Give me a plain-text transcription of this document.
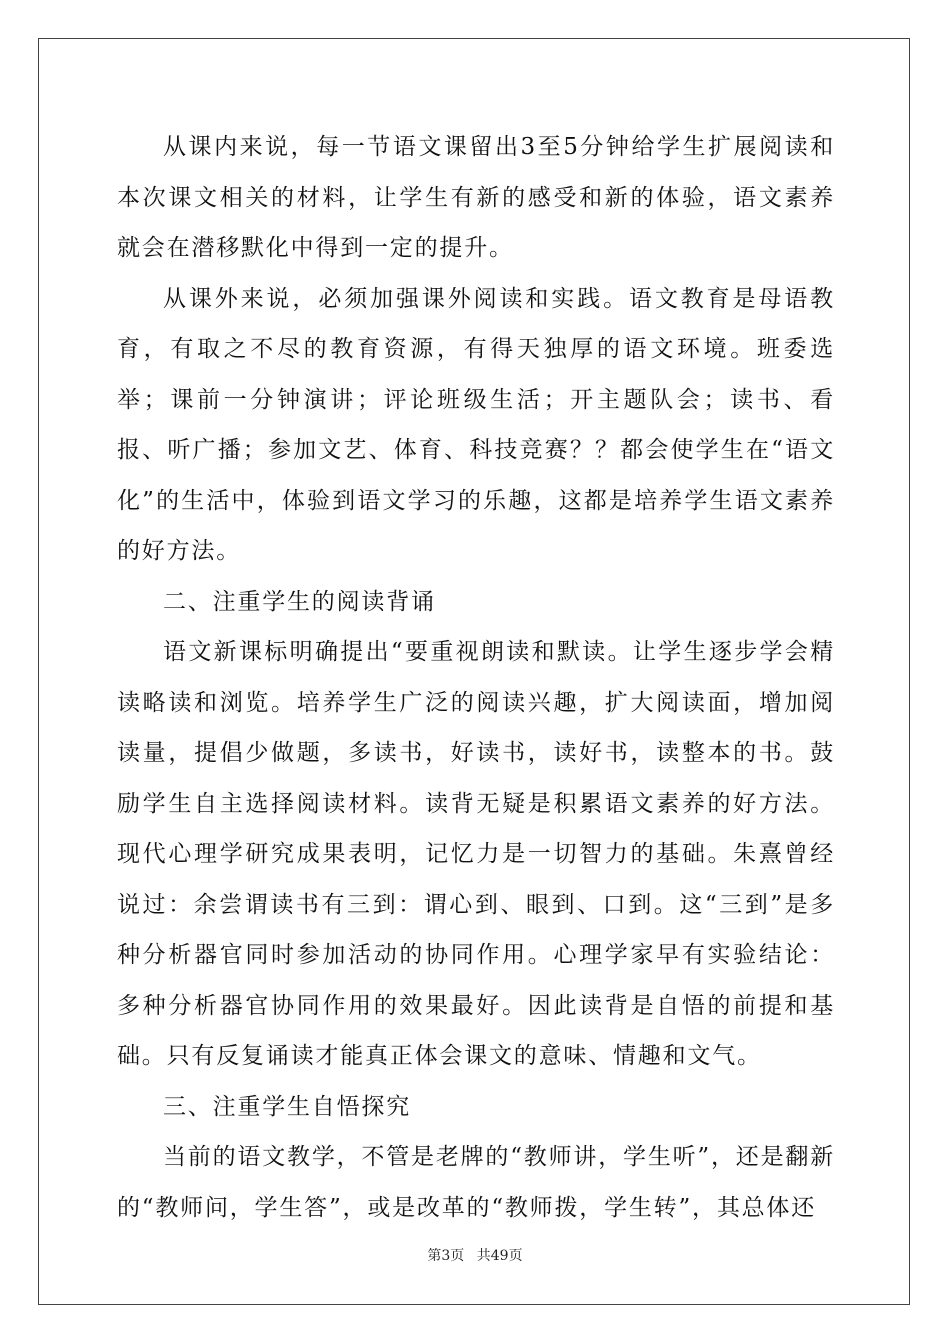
从课内来说，每一节语文课留出3至5分钟给学生扩展阅读和本次课文相关的材料，让学生有新的感受和新的体验，语文素养就会在潜移默化中得到一定的提升。

从课外来说，必须加强课外阅读和实践。语文教育是母语教育，有取之不尽的教育资源，有得天独厚的语文环境。班委选举；课前一分钟演讲；评论班级生活；开主题队会；读书、看报、听广播；参加文艺、体育、科技竞赛？？都会使学生在“语文化”的生活中，体验到语文学习的乐趣，这都是培养学生语文素养的好方法。

二、注重学生的阅读背诵

语文新课标明确提出“要重视朗读和默读。让学生逐步学会精读略读和浏览。培养学生广泛的阅读兴趣，扩大阅读面，增加阅读量，提倡少做题，多读书，好读书，读好书，读整本的书。鼓励学生自主选择阅读材料。读背无疑是积累语文素养的好方法。现代心理学研究成果表明，记忆力是一切智力的基础。朱熹曾经说过：余尝谓读书有三到：谓心到、眼到、口到。这“三到”是多种分析器官同时参加活动的协同作用。心理学家早有实验结论：多种分析器官协同作用的效果最好。因此读背是自悟的前提和基础。只有反复诵读才能真正体会课文的意味、情趣和文气。

三、注重学生自悟探究

当前的语文教学，不管是老牌的“教师讲，学生听”，还是翻新的“教师问，学生答”，或是改革的“教师拨，学生转”，其总体还

第3页 共49页
